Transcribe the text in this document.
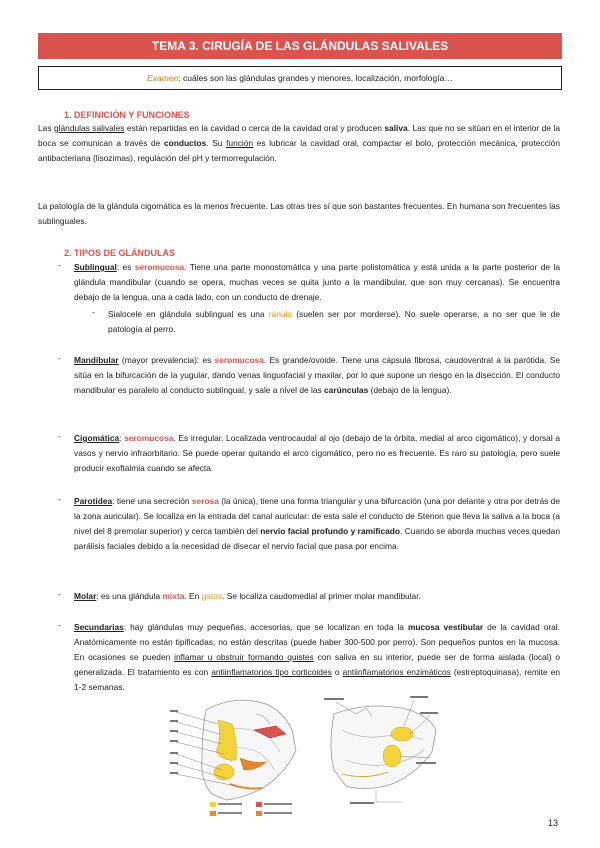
TEMA 3. CIRUGÍA DE LAS GLÁNDULAS SALIVALES
Examen: cuáles son las glándulas grandes y menores, localización, morfología…
1. DEFINICIÓN Y FUNCIONES
Las glándulas salivales están repartidas en la cavidad o cerca de la cavidad oral y producen saliva. Las que no se sitúan en el interior de la boca se comunican a través de conductos. Su función es lubricar la cavidad oral, compactar el bolo, protección mecánica, protección antibacteriana (lisozimas), regulación del pH y termorregulación.
La patología de la glándula cigomática es la menos frecuente. Las otras tres sí que son bastantes frecuentes. En humana son frecuentes las sublinguales.
2. TIPOS DE GLÁNDULAS
- Sublingual: es seromucosa. Tiene una parte monostomática y una parte polistomática y está unida a la parte posterior de la glándula mandibular (cuando se opera, muchas veces se quita junto a la mandibular, que son muy cercanas). Se encuentra debajo de la lengua, una a cada lado, con un conducto de drenaje.
- Sialocele en glándula sublingual es una ránula (suelen ser por morderse). No suele operarse, a no ser que le de patología al perro.
- Mandibular (mayor prevalencia): es seromucosa. Es grande/ovoide. Tiene una cápsula fibrosa, caudoventral a la parótida. Se sitúa en la bifurcación de la yugular, dando venas linguofacial y maxilar, por lo que supone un riesgo en la disección. El conducto mandibular es paralelo al conducto sublingual, y sale a nivel de las carúnculas (debajo de la lengua).
- Cigomática: seromucosa. Es irregular. Localizada ventrocaudal al ojo (debajo de la órbita, medial al arco cigomático), y dorsal a vasos y nervio infraorbitario. Se puede operar quitando el arco cigomático, pero no es frecuente. Es raro su patología, pero suele producir exoftalmia cuando se afecta.
- Parotídea: tiene una secreción serosa (la única), tiene una forma triangular y una bifurcación (una por delante y otra por detrás de la zona auricular). Se localiza en la entrada del canal auricular: de esta sale el conducto de Stenon que lleva la saliva a la boca (a nivel del 8 premolar superior) y cerca también del nervio facial profundo y ramificado. Cuando se aborda muchas veces quedan parálisis faciales debido a la necesidad de disecar el nervio facial que pasa por encima.
- Molar: es una glándula mixta. En gatos. Se localiza caudomedial al primer molar mandibular.
- Secundarias: hay glándulas muy pequeñas, accesorias, que se localizan en toda la mucosa vestibular de la cavidad oral. Anatómicamente no están tipificadas, no están descritas (puede haber 300-500 por perro). Son pequeños puntos en la mucosa. En ocasiones se pueden inflamar u obstruir formando quistes con saliva en su interior, puede ser de forma aislada (local) o generalizada. El tratamiento es con antiinflamatorios tipo corticoides o antiinflamatorios enzimáticos (estreptoquinasa), remite en 1-2 semanas.
13
